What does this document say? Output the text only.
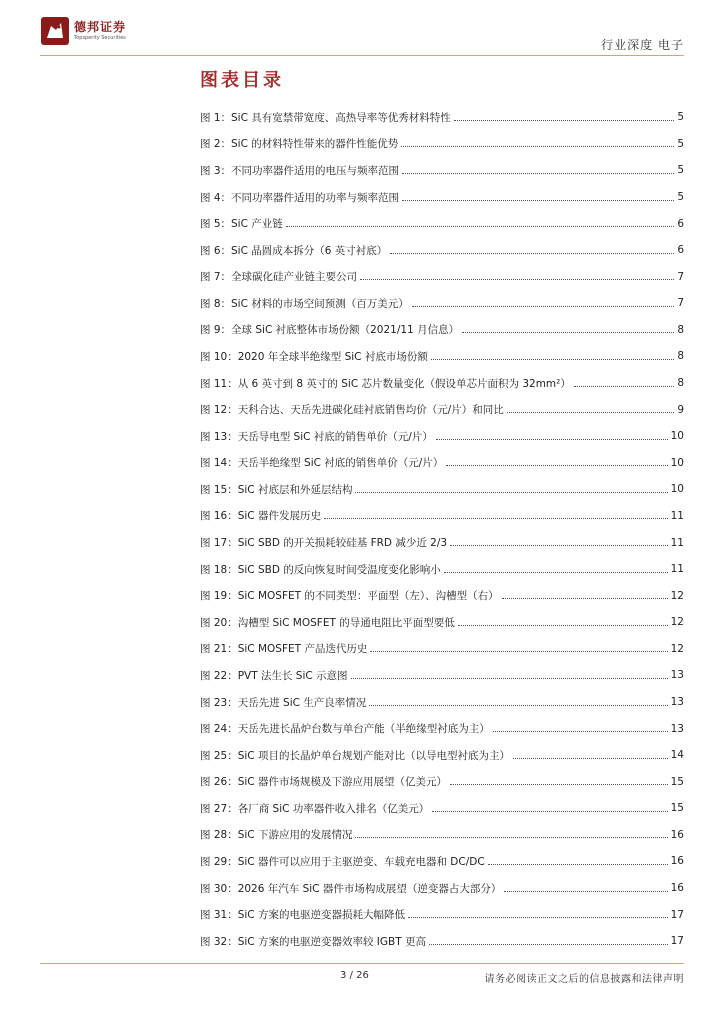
德邦证券
Topsperity Securities	行业深度 电子
图表目录
图 1：SiC 具有宽禁带宽度、高热导率等优秀材料特性	5
图 2：SiC 的材料特性带来的器件性能优势	5
图 3：不同功率器件适用的电压与频率范围	5
图 4：不同功率器件适用的功率与频率范围	5
图 5：SiC 产业链	6
图 6：SiC 晶圆成本拆分（6 英寸衬底）	6
图 7：全球碳化硅产业链主要公司	7
图 8：SiC 材料的市场空间预测（百万美元）	7
图 9：全球 SiC 衬底整体市场份额（2021/11 月信息）	8
图 10：2020 年全球半绝缘型 SiC 衬底市场份额	8
图 11：从 6 英寸到 8 英寸的 SiC 芯片数量变化（假设单芯片面积为 32mm²）	8
图 12：天科合达、天岳先进碳化硅衬底销售均价（元/片）和同比	9
图 13：天岳导电型 SiC 衬底的销售单价（元/片）	10
图 14：天岳半绝缘型 SiC 衬底的销售单价（元/片）	10
图 15：SiC 衬底层和外延层结构	10
图 16：SiC 器件发展历史	11
图 17：SiC SBD 的开关损耗较硅基 FRD 减少近 2/3	11
图 18：SiC SBD 的反向恢复时间受温度变化影响小	11
图 19：SiC MOSFET 的不同类型：平面型（左）、沟槽型（右）	12
图 20：沟槽型 SiC MOSFET 的导通电阻比平面型要低	12
图 21：SiC MOSFET 产品迭代历史	12
图 22：PVT 法生长 SiC 示意图	13
图 23：天岳先进 SiC 生产良率情况	13
图 24：天岳先进长晶炉台数与单台产能（半绝缘型衬底为主）	13
图 25：SiC 项目的长晶炉单台规划产能对比（以导电型衬底为主）	14
图 26：SiC 器件市场规模及下游应用展望（亿美元）	15
图 27：各厂商 SiC 功率器件收入排名（亿美元）	15
图 28：SiC 下游应用的发展情况	16
图 29：SiC 器件可以应用于主驱逆变、车载充电器和 DC/DC	16
图 30：2026 年汽车 SiC 器件市场构成展望（逆变器占大部分）	16
图 31：SiC 方案的电驱逆变器损耗大幅降低	17
图 32：SiC 方案的电驱逆变器效率较 IGBT 更高	17
3 / 26	请务必阅读正文之后的信息披露和法律声明
